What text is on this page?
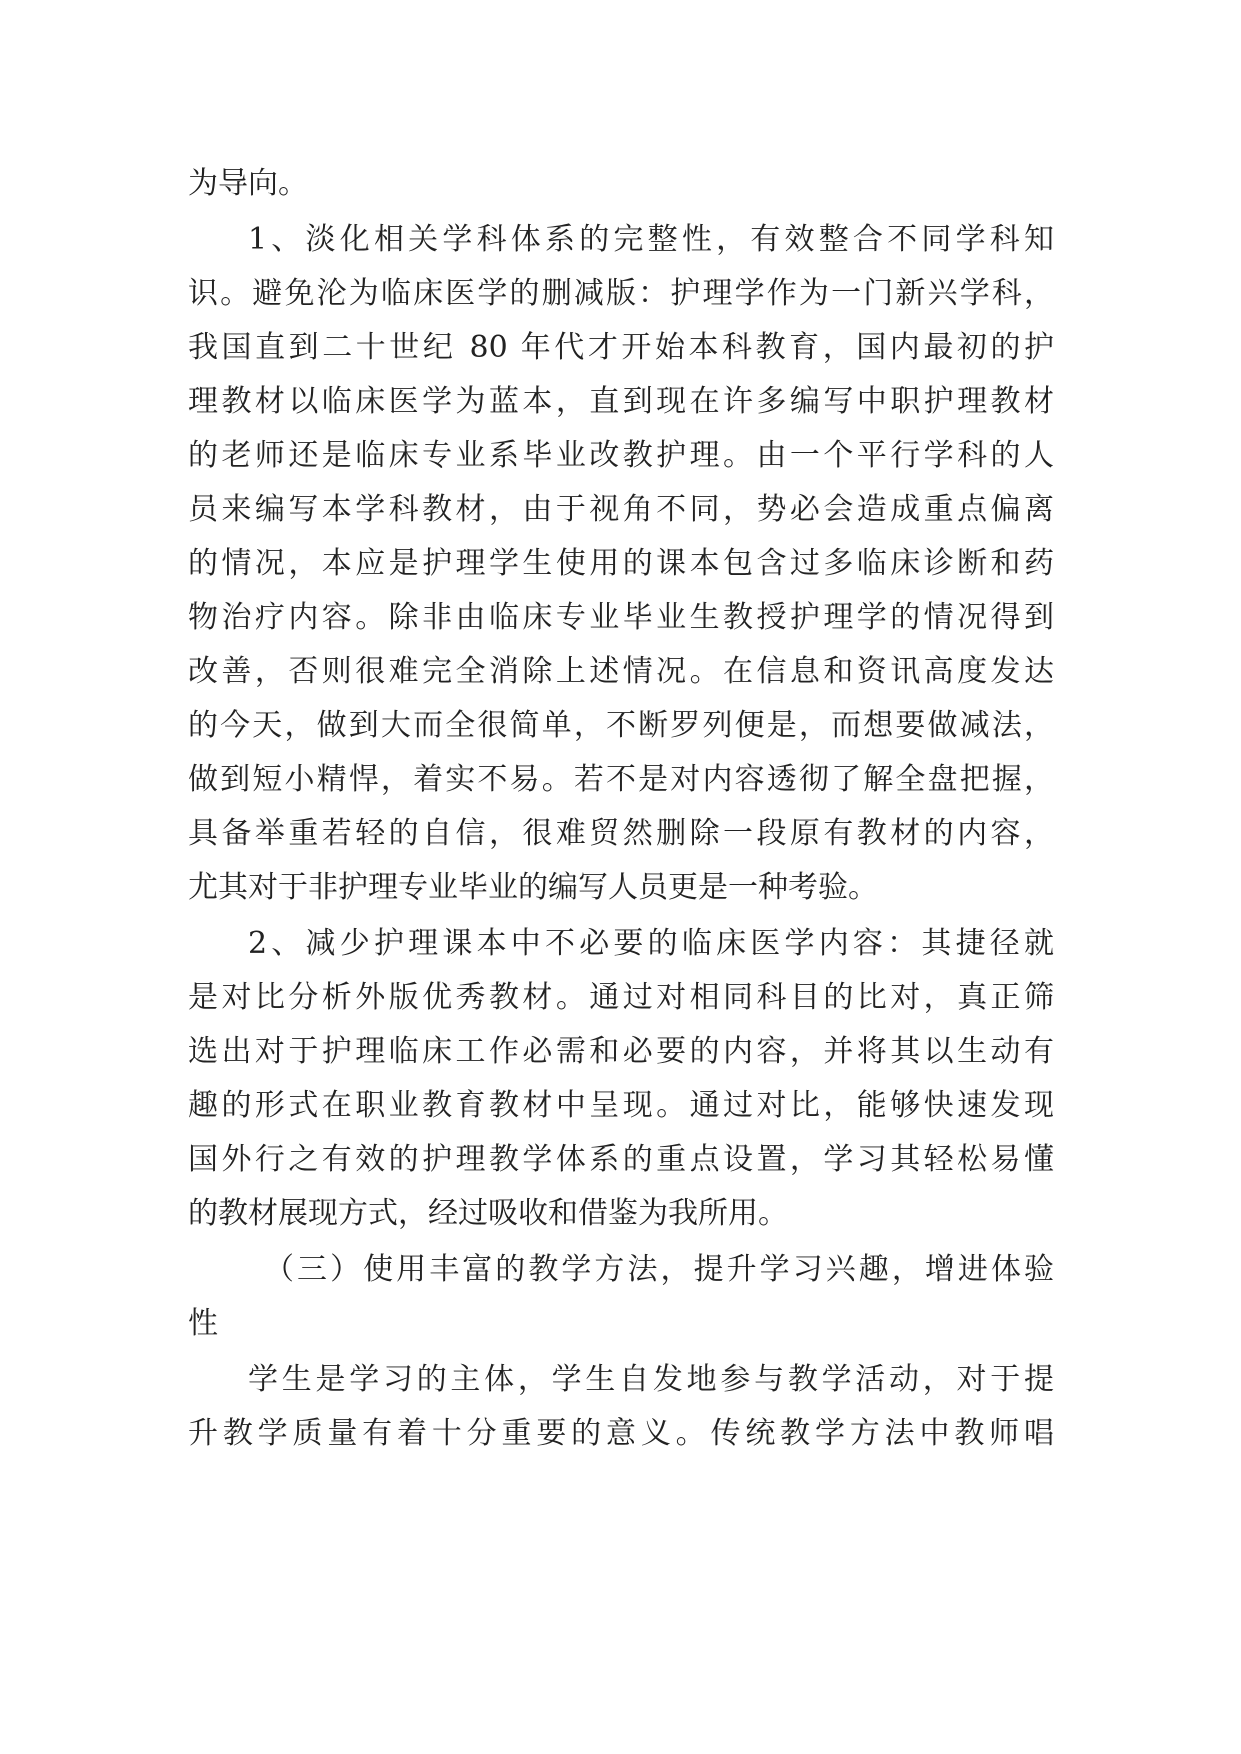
为导向。
1、淡化相关学科体系的完整性，有效整合不同学科知
识。避免沦为临床医学的删减版：护理学作为一门新兴学科，
我国直到二十世纪 80 年代才开始本科教育，国内最初的护
理教材以临床医学为蓝本，直到现在许多编写中职护理教材
的老师还是临床专业系毕业改教护理。由一个平行学科的人
员来编写本学科教材，由于视角不同，势必会造成重点偏离
的情况，本应是护理学生使用的课本包含过多临床诊断和药
物治疗内容。除非由临床专业毕业生教授护理学的情况得到
改善，否则很难完全消除上述情况。在信息和资讯高度发达
的今天，做到大而全很简单，不断罗列便是，而想要做减法，
做到短小精悍，着实不易。若不是对内容透彻了解全盘把握，
具备举重若轻的自信，很难贸然删除一段原有教材的内容，
尤其对于非护理专业毕业的编写人员更是一种考验。
2、减少护理课本中不必要的临床医学内容：其捷径就
是对比分析外版优秀教材。通过对相同科目的比对，真正筛
选出对于护理临床工作必需和必要的内容，并将其以生动有
趣的形式在职业教育教材中呈现。通过对比，能够快速发现
国外行之有效的护理教学体系的重点设置，学习其轻松易懂
的教材展现方式，经过吸收和借鉴为我所用。
（三）使用丰富的教学方法，提升学习兴趣，增进体验
性
学生是学习的主体，学生自发地参与教学活动，对于提
升教学质量有着十分重要的意义。传统教学方法中教师唱
